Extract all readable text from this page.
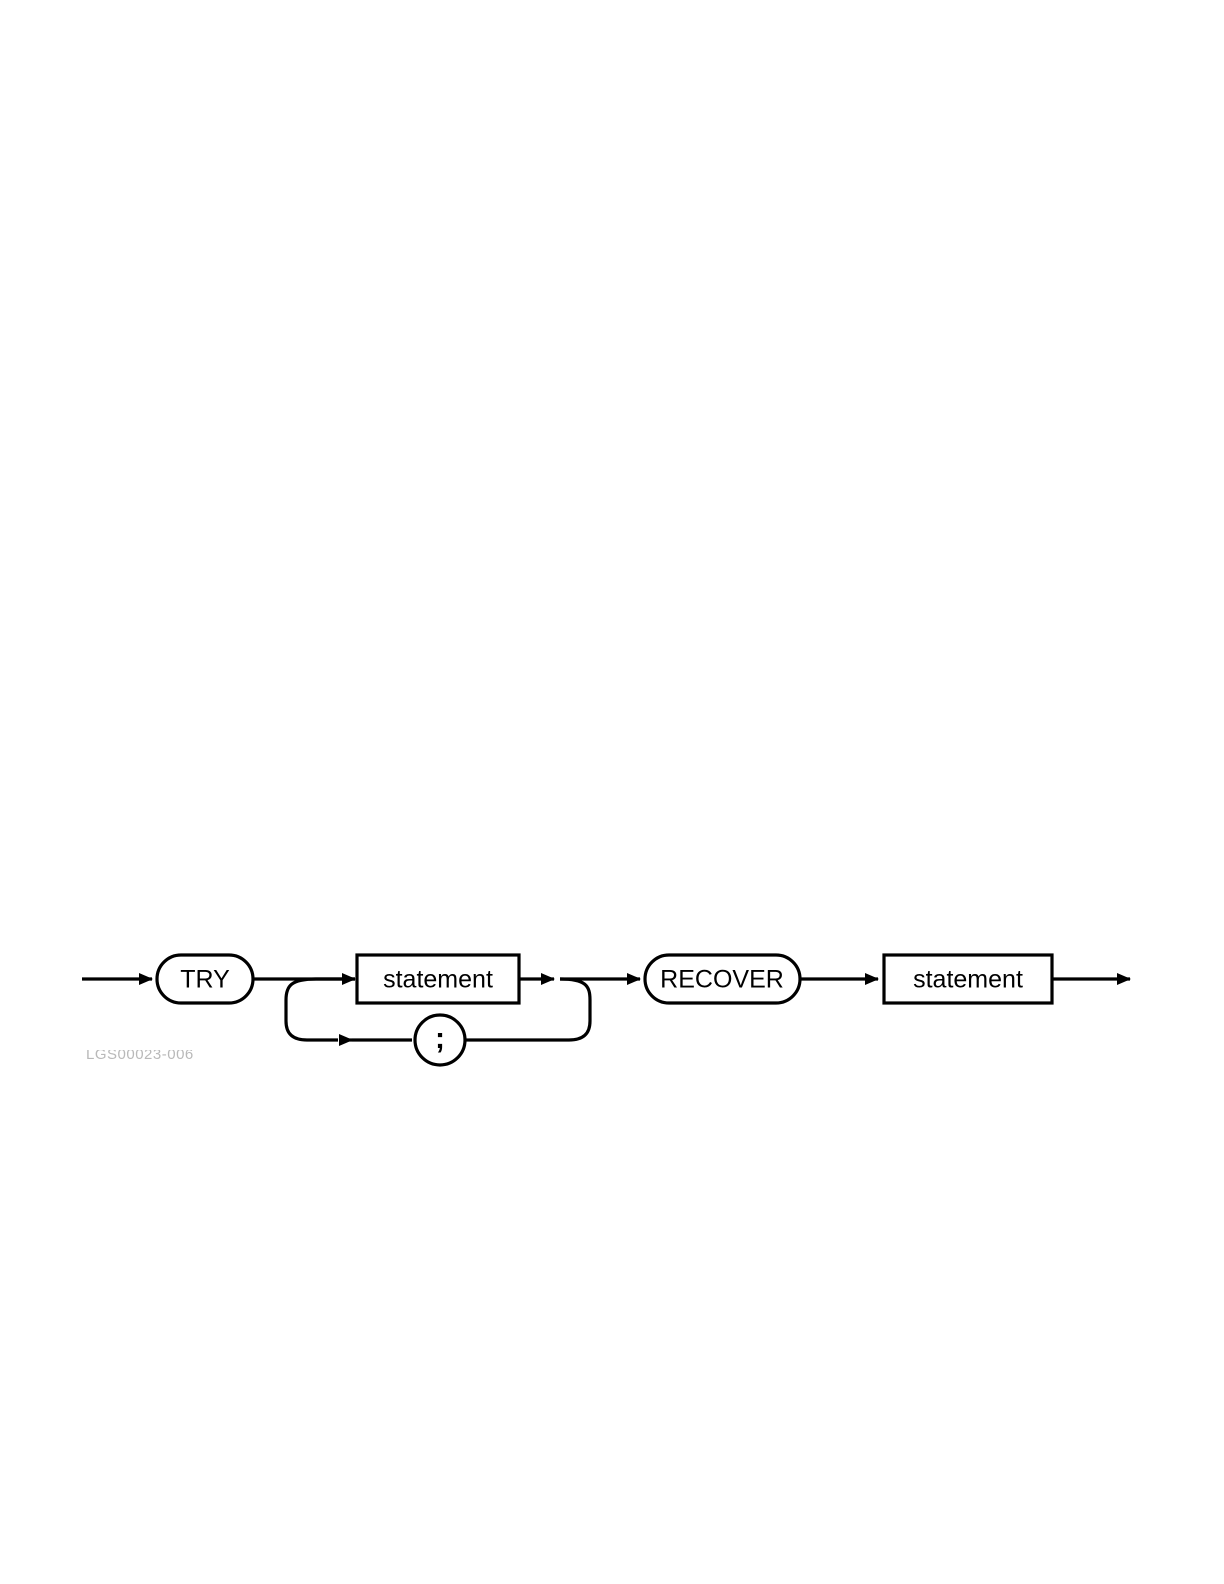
TRY	statement
;
RECOVER	statement
LGS00023-006
